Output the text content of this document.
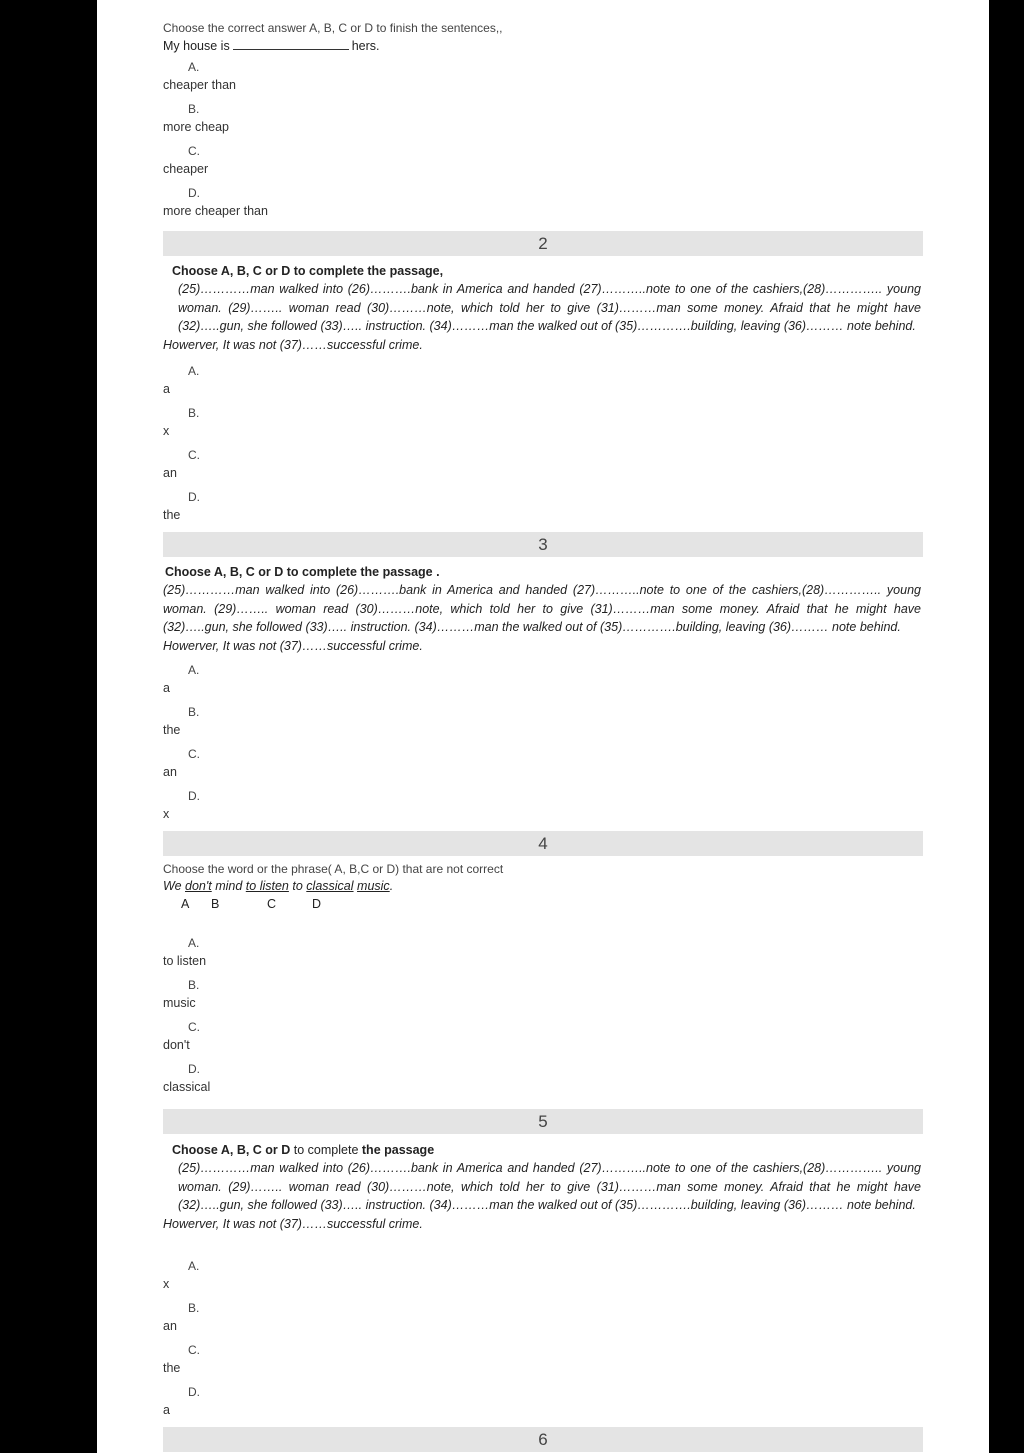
Choose the correct answer A, B, C or D to finish the sentences,,

My house is	hers.
A.
cheaper than
B.
more cheap
C.
cheaper
D.
more cheaper than
2

Choose A, B, C or D to complete the passage,

(25)…………man walked into (26)……….bank in America and handed (27)………..note to one of the cashiers,(28)………….. young woman. (29)…….. woman read (30)………note, which told her to give (31)………man some money. Afraid that he might have (32)…..gun, she followed (33)….. instruction. (34)………man the walked out of (35)………….building, leaving (36)……… note behind.
Howerver, It was not (37)……successful crime.
A.
a
B.
x
C.
an
D.
the
3

Choose A, B, C or D to complete the passage .

(25)…………man walked into (26)……….bank in America and handed (27)………..note to one of the cashiers,(28)………….. young woman. (29)…….. woman read (30)………note, which told her to give (31)………man some money. Afraid that he might have (32)…..gun, she followed (33)….. instruction. (34)………man the walked out of (35)………….building, leaving (36)……… note behind.
Howerver, It was not (37)……successful crime.
A.
a
B.
the
C.
an
D.
x
4

Choose the word or the phrase( A, B,C or D) that are not correct

We don't mind to listen to classical music.
A B	C	D
A.
to listen
B.
music
C.
don't
D.
classical
5

Choose A, B, C or D to complete the passage

(25)…………man walked into (26)……….bank in America and handed (27)………..note to one of the cashiers,(28)………….. young woman. (29)…….. woman read (30)………note, which told her to give (31)………man some money. Afraid that he might have (32)…..gun, she followed (33)….. instruction. (34)………man the walked out of (35)………….building, leaving (36)……… note behind.
Howerver, It was not (37)……successful crime.
A.
x
B.
an
C.
the
D.
a
6
